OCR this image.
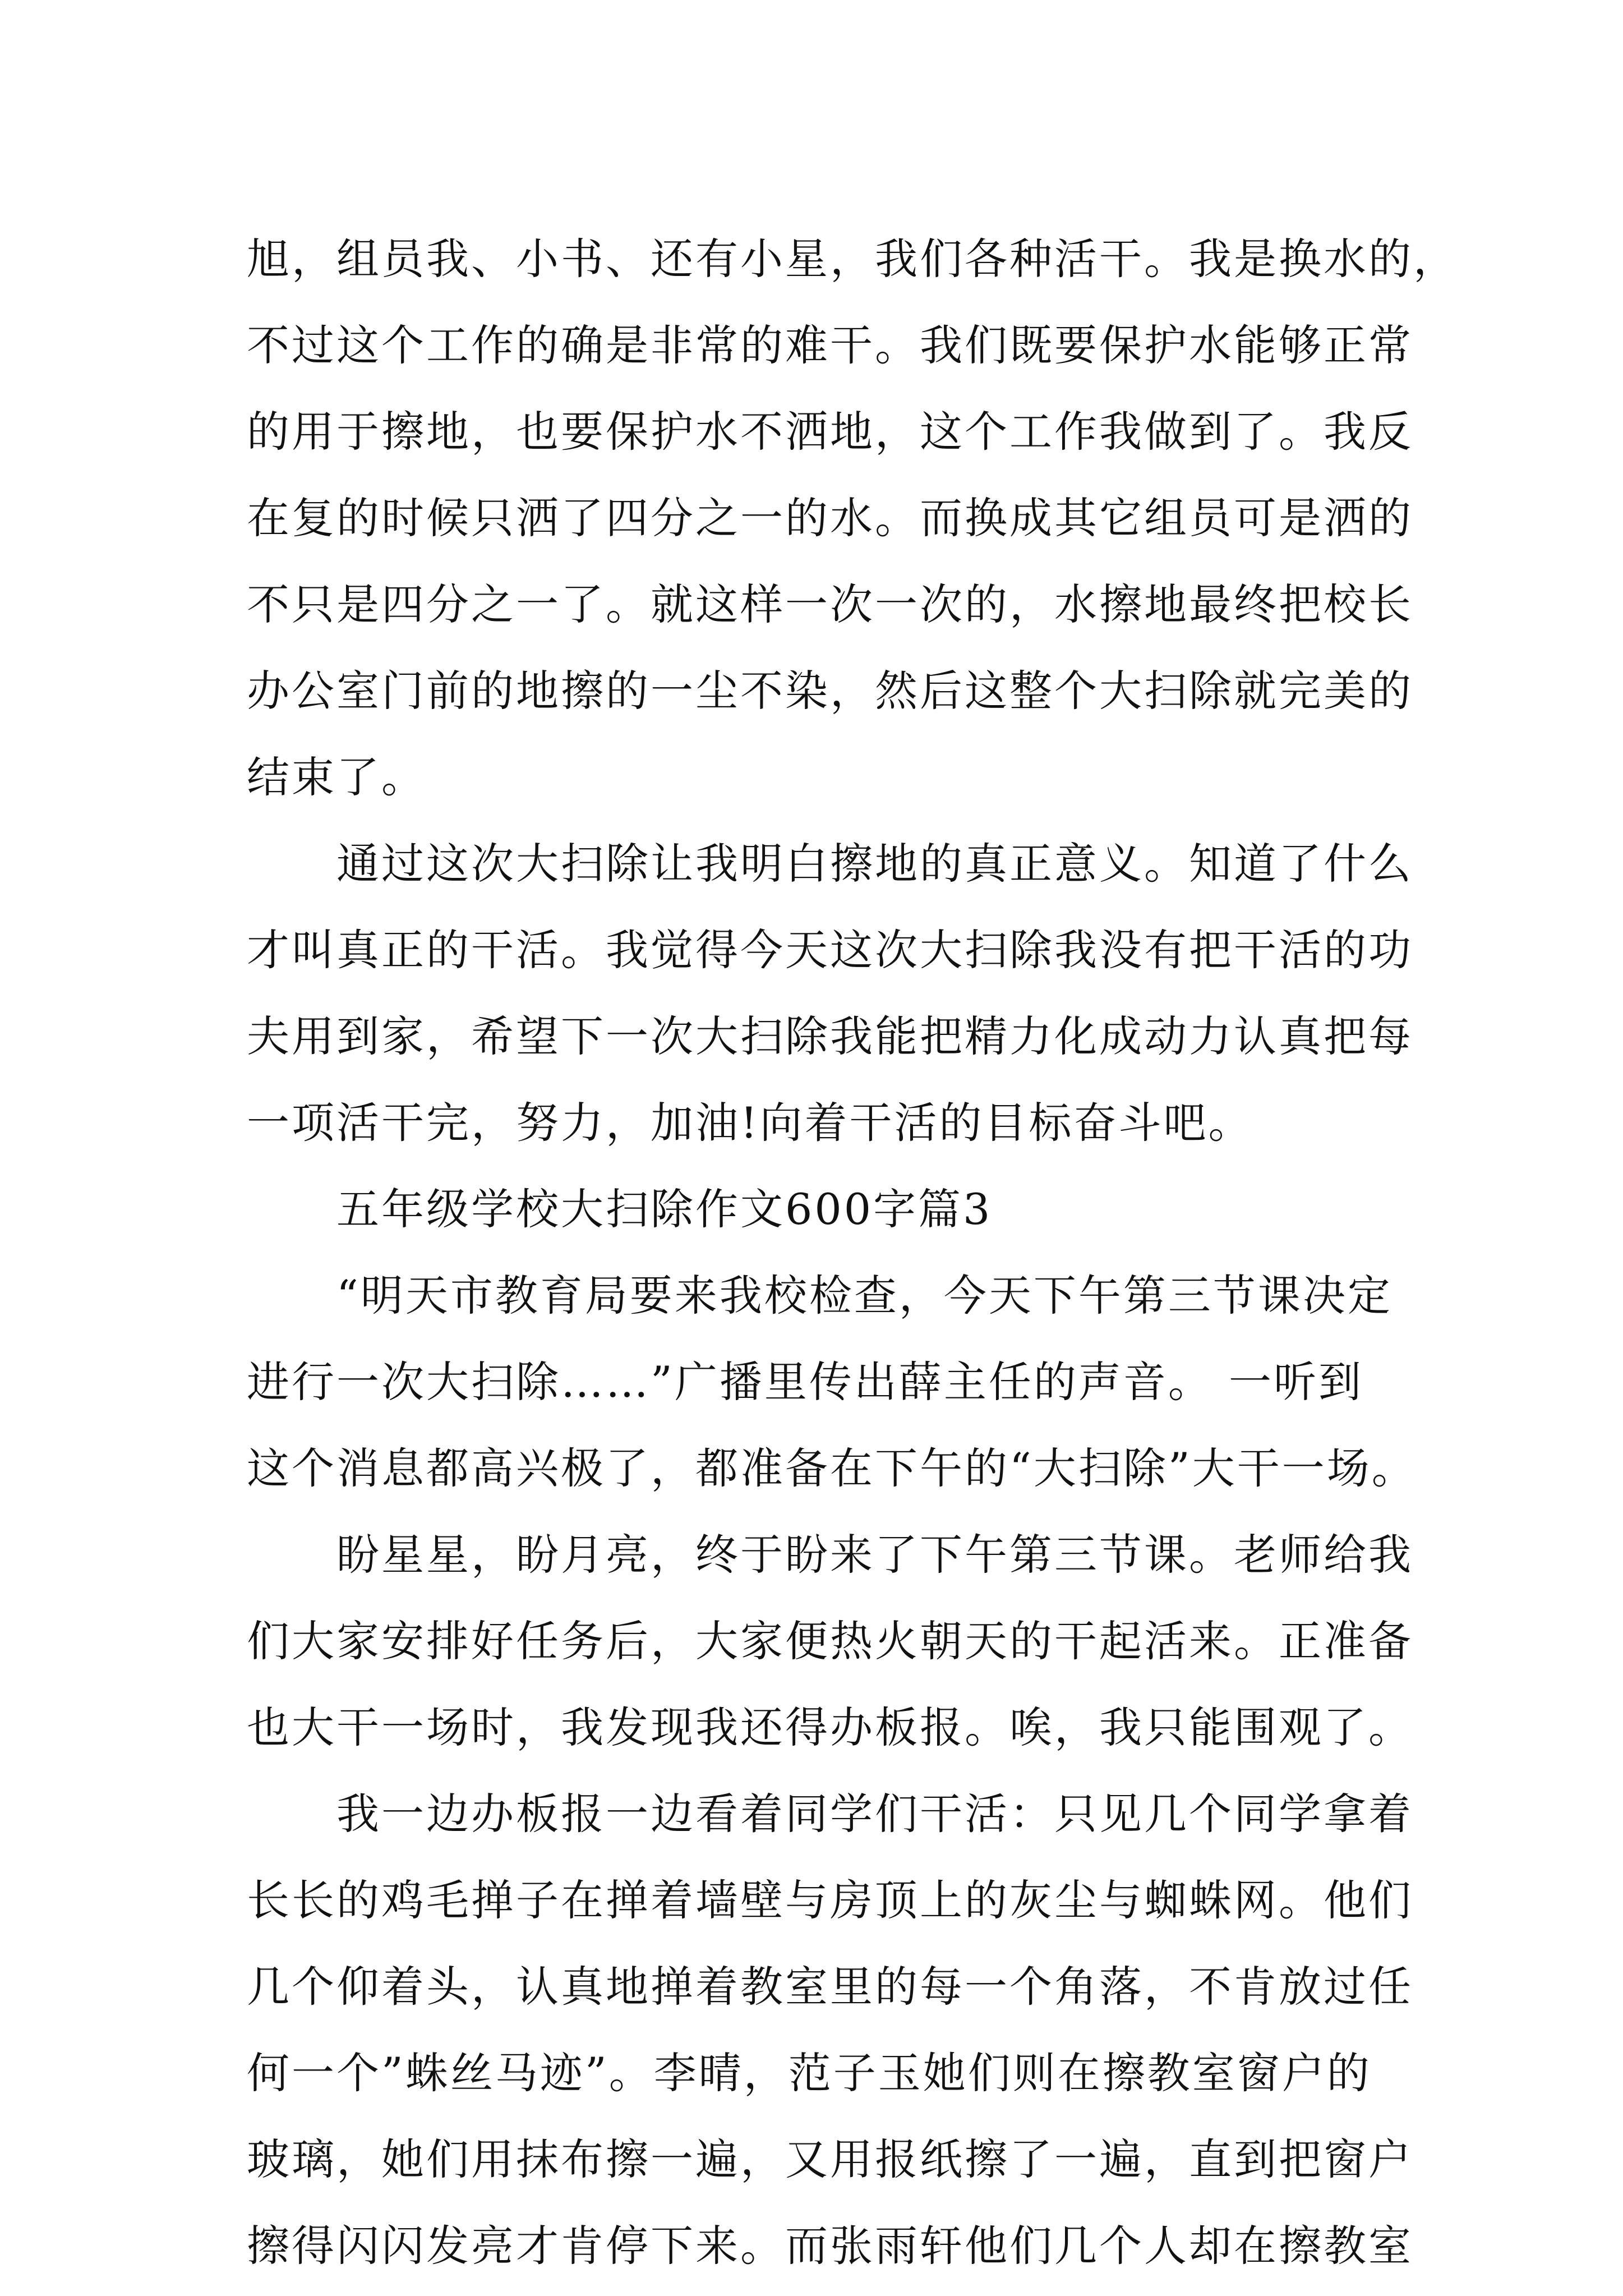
旭，组员我、小书、还有小星，我们各种活干。我是换水的，
不过这个工作的确是非常的难干。我们既要保护水能够正常
的用于擦地，也要保护水不洒地，这个工作我做到了。我反
在复的时候只洒了四分之一的水。而换成其它组员可是洒的
不只是四分之一了。就这样一次一次的，水擦地最终把校长
办公室门前的地擦的一尘不染，然后这整个大扫除就完美的
结束了。
通过这次大扫除让我明白擦地的真正意义。知道了什么
才叫真正的干活。我觉得今天这次大扫除我没有把干活的功
夫用到家，希望下一次大扫除我能把精力化成动力认真把每
一项活干完，努力，加油!向着干活的目标奋斗吧。
五年级学校大扫除作文600字篇3
“明天市教育局要来我校检查，今天下午第三节课决定
进行一次大扫除……”广播里传出薛主任的声音。 一听到
这个消息都高兴极了，都准备在下午的“大扫除”大干一场。
盼星星，盼月亮，终于盼来了下午第三节课。老师给我
们大家安排好任务后，大家便热火朝天的干起活来。正准备
也大干一场时，我发现我还得办板报。唉，我只能围观了。
我一边办板报一边看着同学们干活：只见几个同学拿着
长长的鸡毛掸子在掸着墙壁与房顶上的灰尘与蜘蛛网。他们
几个仰着头，认真地掸着教室里的每一个角落，不肯放过任
何一个”蛛丝马迹”。李晴，范子玉她们则在擦教室窗户的
玻璃，她们用抹布擦一遍，又用报纸擦了一遍，直到把窗户
擦得闪闪发亮才肯停下来。而张雨轩他们几个人却在擦教室
